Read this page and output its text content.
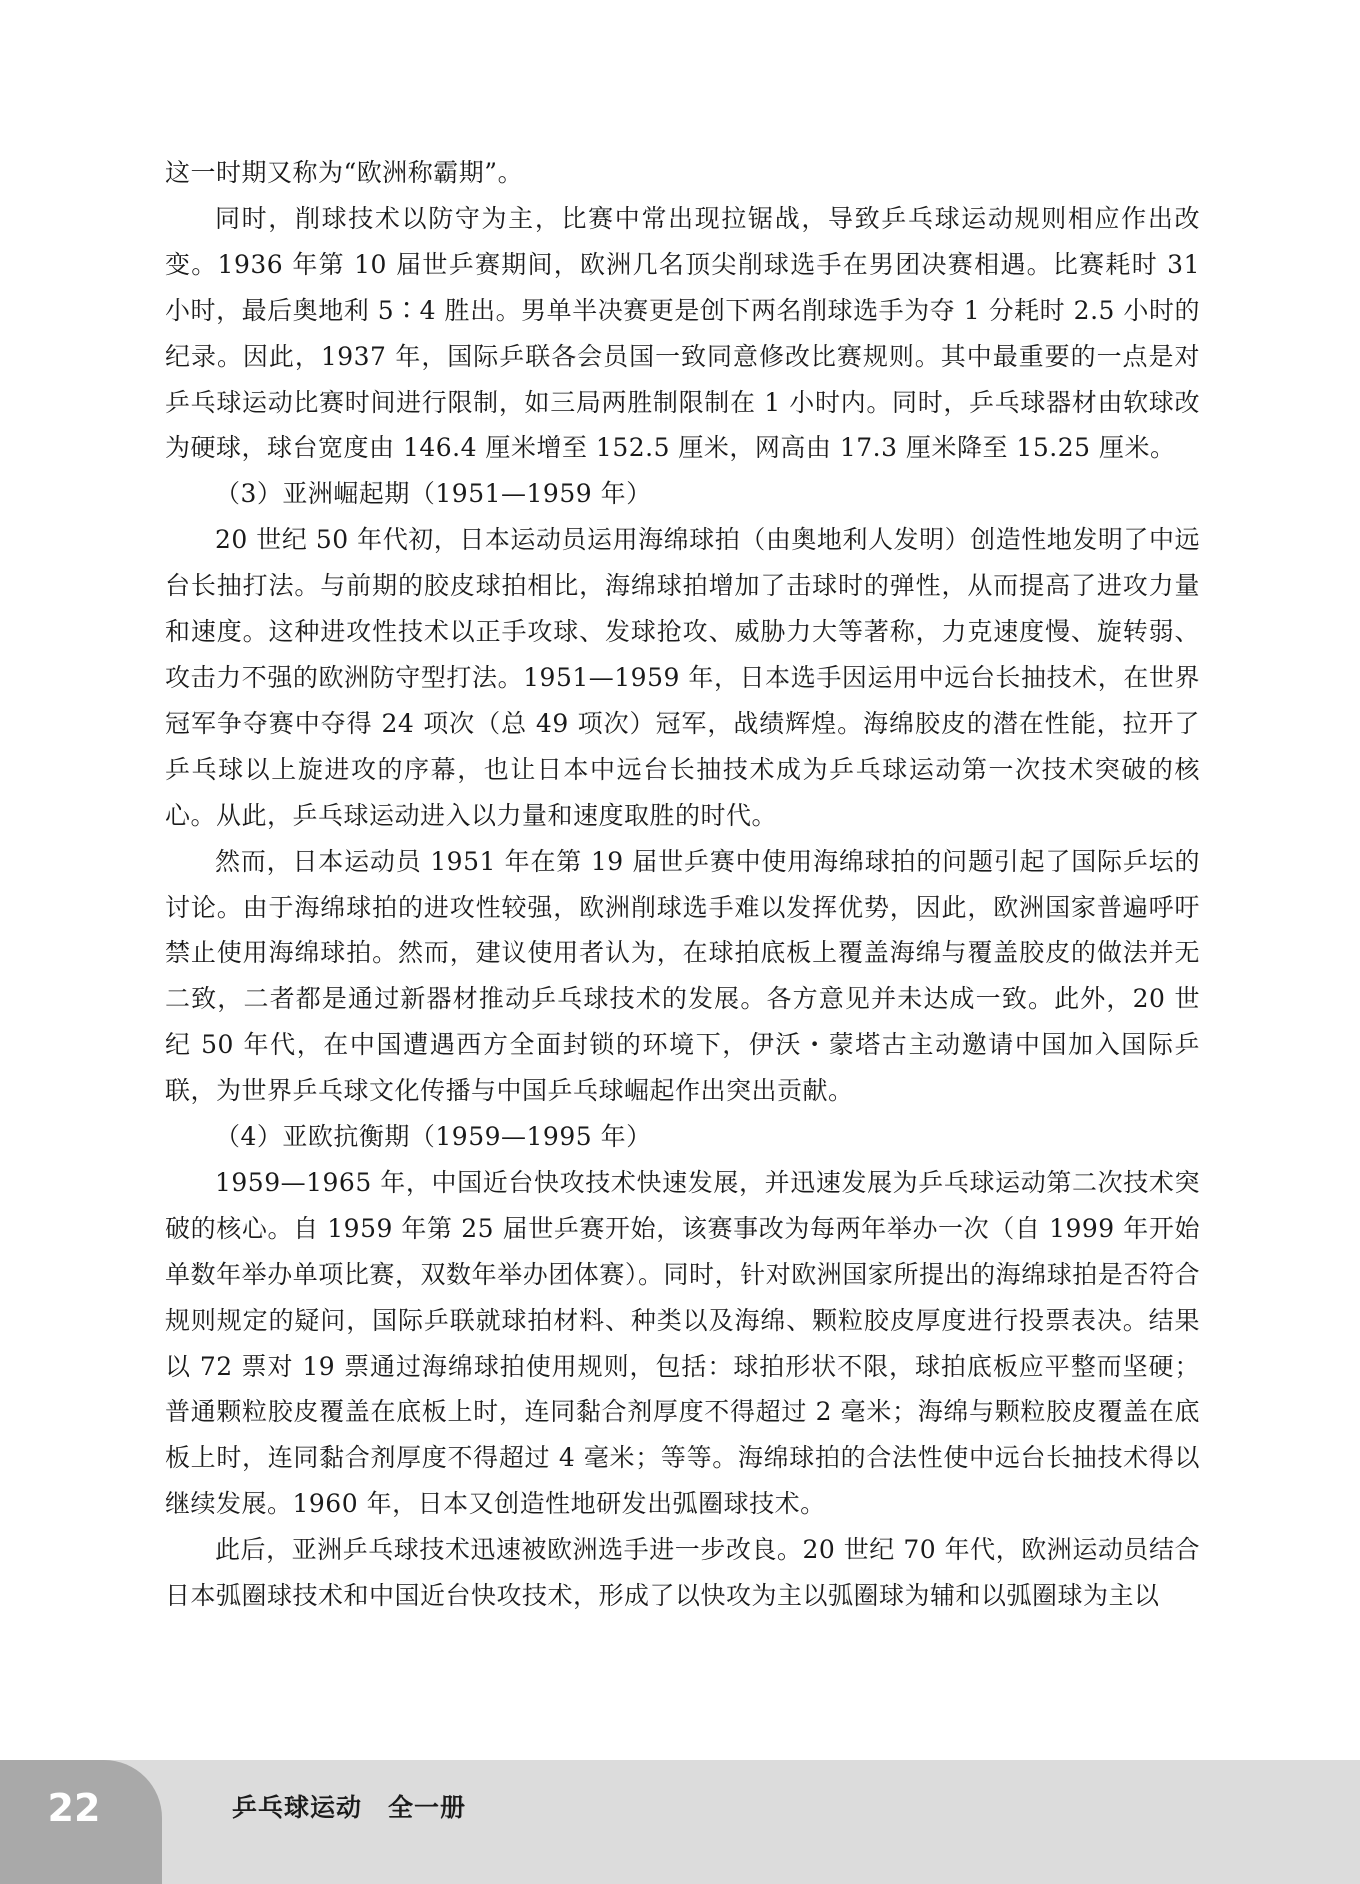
这一时期又称为“欧洲称霸期”。

同时，削球技术以防守为主，比赛中常出现拉锯战，导致乒乓球运动规则相应作出改变。1936 年第 10 届世乒赛期间，欧洲几名顶尖削球选手在男团决赛相遇。比赛耗时 31 小时，最后奥地利 5∶4 胜出。男单半决赛更是创下两名削球选手为夺 1 分耗时 2.5 小时的纪录。因此，1937 年，国际乒联各会员国一致同意修改比赛规则。其中最重要的一点是对乒乓球运动比赛时间进行限制，如三局两胜制限制在 1 小时内。同时，乒乓球器材由软球改为硬球，球台宽度由 146.4 厘米增至 152.5 厘米，网高由 17.3 厘米降至 15.25 厘米。

（3）亚洲崛起期（1951—1959 年）

20 世纪 50 年代初，日本运动员运用海绵球拍（由奥地利人发明）创造性地发明了中远台长抽打法。与前期的胶皮球拍相比，海绵球拍增加了击球时的弹性，从而提高了进攻力量和速度。这种进攻性技术以正手攻球、发球抢攻、威胁力大等著称，力克速度慢、旋转弱、攻击力不强的欧洲防守型打法。1951—1959 年，日本选手因运用中远台长抽技术，在世界冠军争夺赛中夺得 24 项次（总 49 项次）冠军，战绩辉煌。海绵胶皮的潜在性能，拉开了乒乓球以上旋进攻的序幕，也让日本中远台长抽技术成为乒乓球运动第一次技术突破的核心。从此，乒乓球运动进入以力量和速度取胜的时代。

然而，日本运动员 1951 年在第 19 届世乒赛中使用海绵球拍的问题引起了国际乒坛的讨论。由于海绵球拍的进攻性较强，欧洲削球选手难以发挥优势，因此，欧洲国家普遍呼吁禁止使用海绵球拍。然而，建议使用者认为，在球拍底板上覆盖海绵与覆盖胶皮的做法并无二致，二者都是通过新器材推动乒乓球技术的发展。各方意见并未达成一致。此外，20 世纪 50 年代，在中国遭遇西方全面封锁的环境下，伊沃・蒙塔古主动邀请中国加入国际乒联，为世界乒乓球文化传播与中国乒乓球崛起作出突出贡献。

（4）亚欧抗衡期（1959—1995 年）

1959—1965 年，中国近台快攻技术快速发展，并迅速发展为乒乓球运动第二次技术突破的核心。自 1959 年第 25 届世乒赛开始，该赛事改为每两年举办一次（自 1999 年开始单数年举办单项比赛，双数年举办团体赛）。同时，针对欧洲国家所提出的海绵球拍是否符合规则规定的疑问，国际乒联就球拍材料、种类以及海绵、颗粒胶皮厚度进行投票表决。结果以 72 票对 19 票通过海绵球拍使用规则，包括：球拍形状不限，球拍底板应平整而坚硬；普通颗粒胶皮覆盖在底板上时，连同黏合剂厚度不得超过 2 毫米；海绵与颗粒胶皮覆盖在底板上时，连同黏合剂厚度不得超过 4 毫米；等等。海绵球拍的合法性使中远台长抽技术得以继续发展。1960 年，日本又创造性地研发出弧圈球技术。

此后，亚洲乒乓球技术迅速被欧洲选手进一步改良。20 世纪 70 年代，欧洲运动员结合日本弧圈球技术和中国近台快攻技术，形成了以快攻为主以弧圈球为辅和以弧圈球为主以

22	乒乓球运动　全一册
